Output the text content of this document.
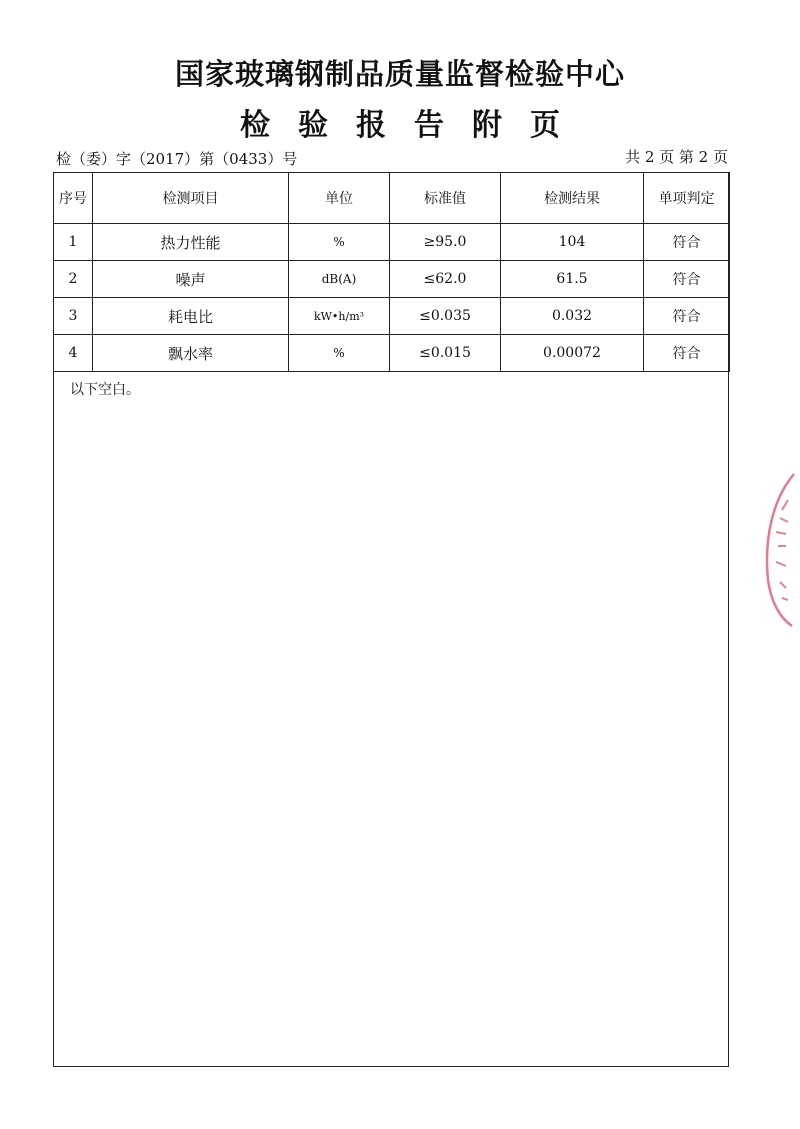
国家玻璃钢制品质量监督检验中心
检验报告附页
检（委）字（2017）第（0433）号	共 2 页 第 2 页
序号	检测项目	单位	标准值	检测结果	单项判定
1	热力性能	%	≥95.0	104	符合
2	噪声	dB(A)	≤62.0	61.5	符合
3	耗电比	kW•h/m³	≤0.035	0.032	符合
4	飘水率	%	≤0.015	0.00072	符合
以下空白。
